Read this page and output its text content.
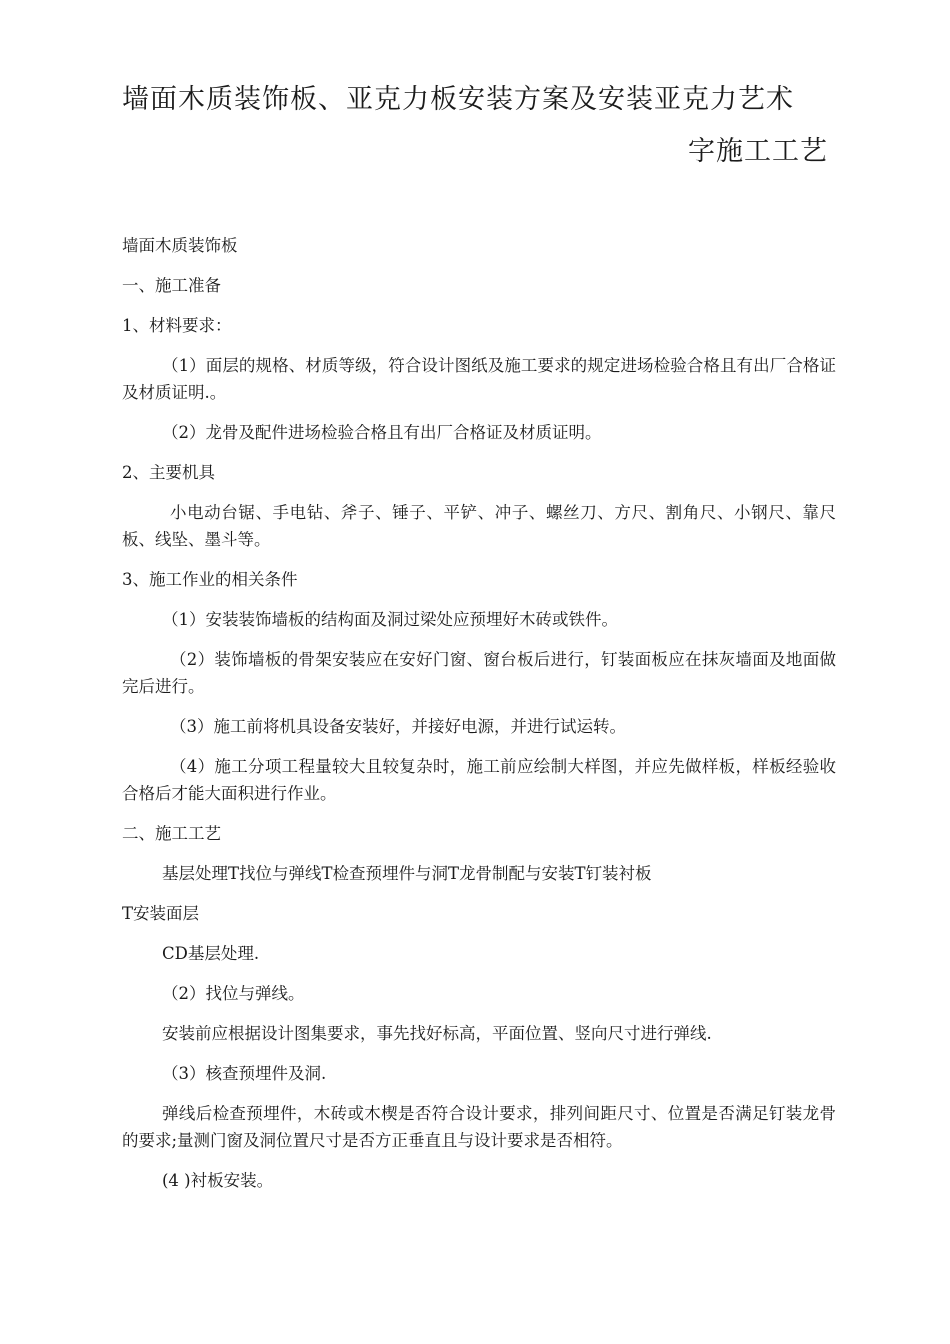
墙面木质装饰板、亚克力板安装方案及安装亚克力艺术
字施工工艺

墙面木质装饰板

一、施工准备

1、材料要求：

（1）面层的规格、材质等级，符合设计图纸及施工要求的规定进场检验合格且有出厂合格证及材质证明.。

（2）龙骨及配件进场检验合格且有出厂合格证及材质证明。

2、主要机具

小电动台锯、手电钻、斧子、锤子、平铲、冲子、螺丝刀、方尺、割角尺、小钢尺、靠尺板、线坠、墨斗等。

3、施工作业的相关条件

（1）安装装饰墙板的结构面及洞过梁处应预埋好木砖或铁件。

（2）装饰墙板的骨架安装应在安好门窗、窗台板后进行，钉装面板应在抹灰墙面及地面做完后进行。

（3）施工前将机具设备安装好，并接好电源，并进行试运转。

（4）施工分项工程量较大且较复杂时，施工前应绘制大样图，并应先做样板，样板经验收合格后才能大面积进行作业。

二、施工工艺

基层处理T找位与弹线T检查预埋件与洞T龙骨制配与安装T钉装衬板

T安装面层

CD基层处理.

（2）找位与弹线。

安装前应根据设计图集要求，事先找好标高，平面位置、竖向尺寸进行弹线.

（3）核查预埋件及洞.

弹线后检查预埋件，木砖或木楔是否符合设计要求，排列间距尺寸、位置是否满足钉装龙骨的要求;量测门窗及洞位置尺寸是否方正垂直且与设计要求是否相符。

(4 )衬板安装。
